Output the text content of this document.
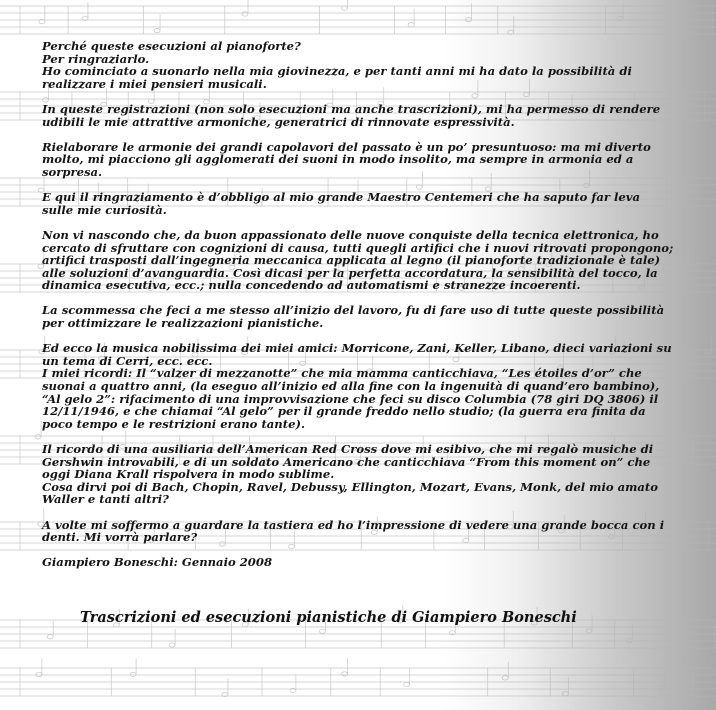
Perché queste esecuzioni al pianoforte?
Per ringraziarlo.
Ho cominciato a suonarlo nella mia giovinezza, e per tanti anni mi ha dato la possibilità di realizzare i miei pensieri musicali.

In queste registrazioni (non solo esecuzioni ma anche trascrizioni), mi ha permesso di rendere udibili le mie attrattive armoniche, generatrici di rinnovate espressività.

Rielaborare le armonie dei grandi capolavori del passato è un po’ presuntuoso: ma mi diverto molto, mi piacciono gli agglomerati dei suoni in modo insolito, ma sempre in armonia ed a sorpresa.

E qui il ringraziamento è d’obbligo al mio grande Maestro Centemeri che ha saputo far leva sulle mie curiosità.

Non vi nascondo che, da buon appassionato delle nuove conquiste della tecnica elettronica, ho cercato di sfruttare con cognizioni di causa, tutti quegli artifici che i nuovi ritrovati propongono; artifici trasposti dall’ingegneria meccanica applicata al legno (il pianoforte tradizionale è tale) alle soluzioni d’avanguardia. Così dicasi per la perfetta accordatura, la sensibilità del tocco, la dinamica esecutiva, ecc.; nulla concedendo ad automatismi e stranezze incoerenti.

La scommessa che feci a me stesso all’inizio del lavoro, fu di fare uso di tutte queste possibilità per ottimizzare le realizzazioni pianistiche.

Ed ecco la musica nobilissima dei miei amici: Morricone, Zani, Keller, Libano, dieci variazioni su un tema di Cerri, ecc. ecc.
I miei ricordi: Il “valzer di mezzanotte” che mia mamma canticchiava, “Les étoiles d’or” che suonai a quattro anni, (la eseguo all’inizio ed alla fine con la ingenuità di quand’ero bambino), “Al gelo 2”: rifacimento di una improvvisazione che feci su disco Columbia (78 giri DQ 3806) il 12/11/1946, e che chiamai “Al gelo” per il grande freddo nello studio; (la guerra era finita da poco tempo e le restrizioni erano tante).

Il ricordo di una ausiliaria dell’American Red Cross dove mi esibivo, che mi regalò musiche di Gershwin introvabili, e di un soldato Americano che canticchiava “From this moment on” che oggi Diana Krall rispolvera in modo sublime.
Cosa dirvi poi di Bach, Chopin, Ravel, Debussy, Ellington, Mozart, Evans, Monk, del mio amato Waller e tanti altri?

A volte mi soffermo a guardare la tastiera ed ho l’impressione di vedere una grande bocca con i denti. Mi vorrà parlare?

Giampiero Boneschi: Gennaio 2008

Trascrizioni ed esecuzioni pianistiche di Giampiero Boneschi
